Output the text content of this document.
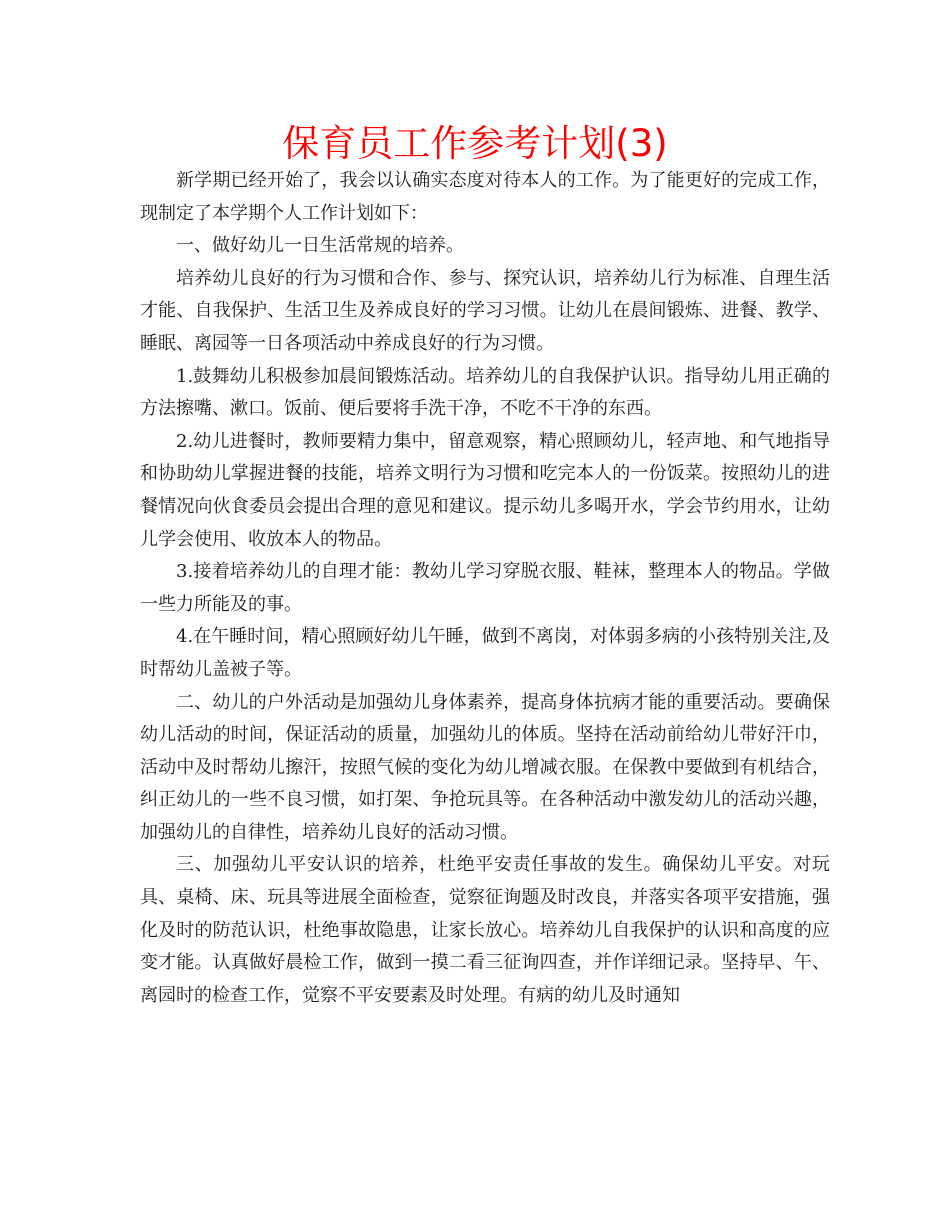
保育员工作参考计划(3)

新学期已经开始了，我会以认确实态度对待本人的工作。为了能更好的完成工作，现制定了本学期个人工作计划如下：

一、做好幼儿一日生活常规的培养。

培养幼儿良好的行为习惯和合作、参与、探究认识，培养幼儿行为标准、自理生活才能、自我保护、生活卫生及养成良好的学习习惯。让幼儿在晨间锻炼、进餐、教学、睡眠、离园等一日各项活动中养成良好的行为习惯。

1.鼓舞幼儿积极参加晨间锻炼活动。培养幼儿的自我保护认识。指导幼儿用正确的方法擦嘴、漱口。饭前、便后要将手洗干净，不吃不干净的东西。

2.幼儿进餐时，教师要精力集中，留意观察，精心照顾幼儿，轻声地、和气地指导和协助幼儿掌握进餐的技能，培养文明行为习惯和吃完本人的一份饭菜。按照幼儿的进餐情况向伙食委员会提出合理的意见和建议。提示幼儿多喝开水，学会节约用水，让幼儿学会使用、收放本人的物品。

3.接着培养幼儿的自理才能：教幼儿学习穿脱衣服、鞋袜，整理本人的物品。学做一些力所能及的事。

4.在午睡时间，精心照顾好幼儿午睡，做到不离岗，对体弱多病的小孩特别关注,及时帮幼儿盖被子等。

二、幼儿的户外活动是加强幼儿身体素养，提高身体抗病才能的重要活动。要确保幼儿活动的时间，保证活动的质量，加强幼儿的体质。坚持在活动前给幼儿带好汗巾，活动中及时帮幼儿擦汗，按照气候的变化为幼儿增减衣服。在保教中要做到有机结合，纠正幼儿的一些不良习惯，如打架、争抢玩具等。在各种活动中激发幼儿的活动兴趣，加强幼儿的自律性，培养幼儿良好的活动习惯。

三、加强幼儿平安认识的培养，杜绝平安责任事故的发生。确保幼儿平安。对玩具、桌椅、床、玩具等进展全面检查，觉察征询题及时改良，并落实各项平安措施，强化及时的防范认识，杜绝事故隐患，让家长放心。培养幼儿自我保护的认识和高度的应变才能。认真做好晨检工作，做到一摸二看三征询四查，并作详细记录。坚持早、午、离园时的检查工作，觉察不平安要素及时处理。有病的幼儿及时通知
